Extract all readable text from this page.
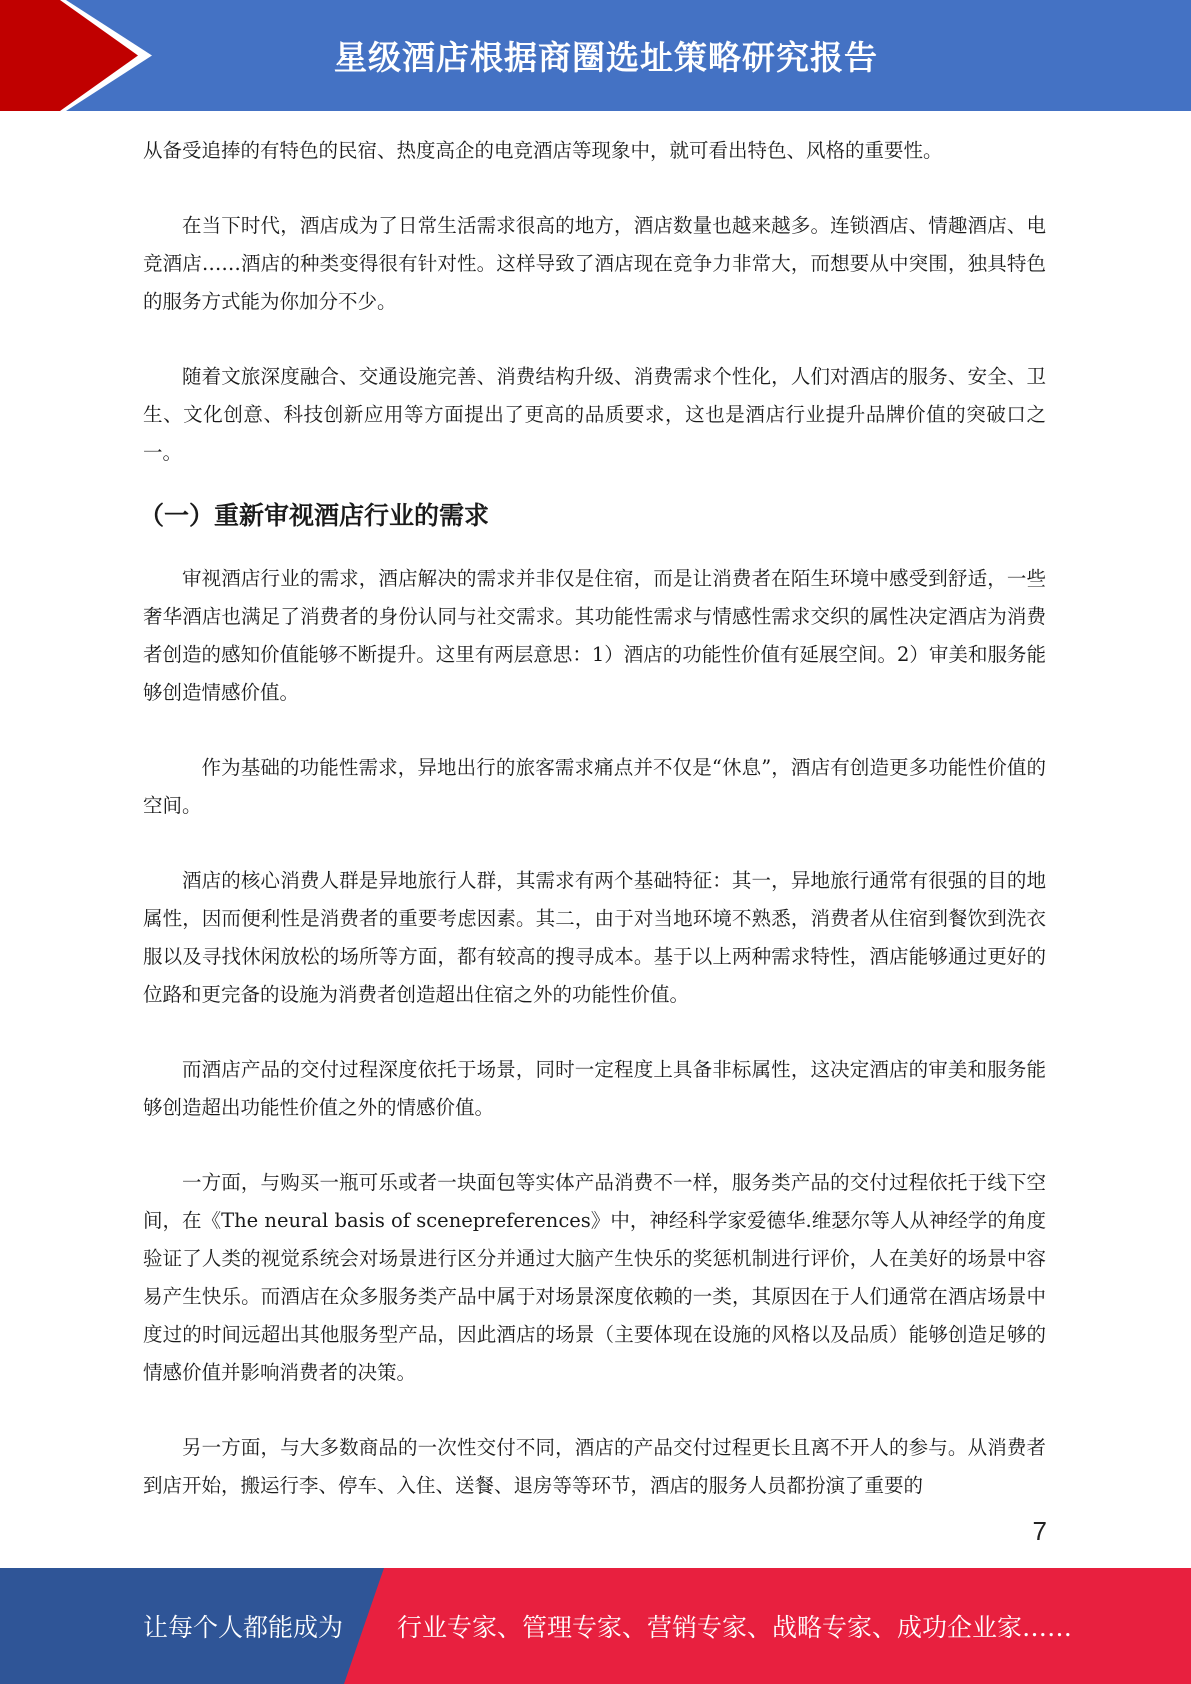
星级酒店根据商圈选址策略研究报告

从备受追捧的有特色的民宿、热度高企的电竞酒店等现象中，就可看出特色、风格的重要性。

在当下时代，酒店成为了日常生活需求很高的地方，酒店数量也越来越多。连锁酒店、情趣酒店、电竞酒店……酒店的种类变得很有针对性。这样导致了酒店现在竞争力非常大，而想要从中突围，独具特色的服务方式能为你加分不少。

随着文旅深度融合、交通设施完善、消费结构升级、消费需求个性化，人们对酒店的服务、安全、卫生、文化创意、科技创新应用等方面提出了更高的品质要求，这也是酒店行业提升品牌价值的突破口之一。

（一）重新审视酒店行业的需求

审视酒店行业的需求，酒店解决的需求并非仅是住宿，而是让消费者在陌生环境中感受到舒适，一些奢华酒店也满足了消费者的身份认同与社交需求。其功能性需求与情感性需求交织的属性决定酒店为消费者创造的感知价值能够不断提升。这里有两层意思：1）酒店的功能性价值有延展空间。2）审美和服务能够创造情感价值。

作为基础的功能性需求，异地出行的旅客需求痛点并不仅是“休息”，酒店有创造更多功能性价值的空间。

酒店的核心消费人群是异地旅行人群，其需求有两个基础特征：其一，异地旅行通常有很强的目的地属性，因而便利性是消费者的重要考虑因素。其二，由于对当地环境不熟悉，消费者从住宿到餐饮到洗衣服以及寻找休闲放松的场所等方面，都有较高的搜寻成本。基于以上两种需求特性，酒店能够通过更好的位路和更完备的设施为消费者创造超出住宿之外的功能性价值。

而酒店产品的交付过程深度依托于场景，同时一定程度上具备非标属性，这决定酒店的审美和服务能够创造超出功能性价值之外的情感价值。

一方面，与购买一瓶可乐或者一块面包等实体产品消费不一样，服务类产品的交付过程依托于线下空间，在《The neural basis of scenepreferences》中，神经科学家爱德华.维瑟尔等人从神经学的角度验证了人类的视觉系统会对场景进行区分并通过大脑产生快乐的奖惩机制进行评价，人在美好的场景中容易产生快乐。而酒店在众多服务类产品中属于对场景深度依赖的一类，其原因在于人们通常在酒店场景中度过的时间远超出其他服务型产品，因此酒店的场景（主要体现在设施的风格以及品质）能够创造足够的情感价值并影响消费者的决策。

另一方面，与大多数商品的一次性交付不同，酒店的产品交付过程更长且离不开人的参与。从消费者到店开始，搬运行李、停车、入住、送餐、退房等等环节，酒店的服务人员都扮演了重要的

7
让每个人都能成为 行业专家、管理专家、营销专家、战略专家、成功企业家……
